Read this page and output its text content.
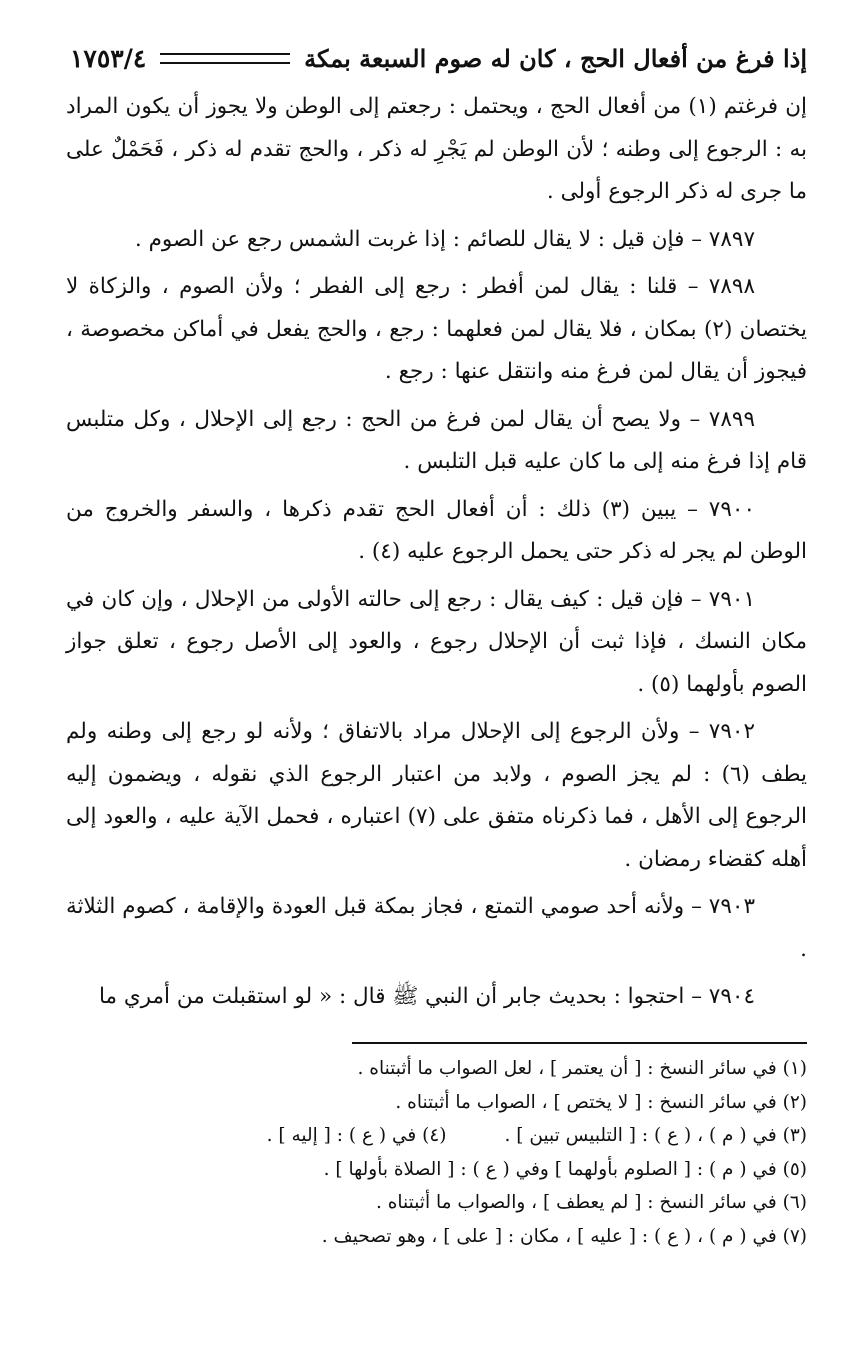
إذا فرغ من أفعال الحج ، كان له صوم السبعة بمكة
١٧٥٣/٤

إن فرغتم (١) من أفعال الحج ، ويحتمل : رجعتم إلى الوطن ولا يجوز أن يكون المراد به : الرجوع إلى وطنه ؛ لأن الوطن لم يَجْرِ له ذكر ، والحج تقدم له ذكر ، فَحَمْلٌ على ما جرى له ذكر الرجوع أولى .

٧٨٩٧ – فإن قيل : لا يقال للصائم : إذا غربت الشمس رجع عن الصوم .

٧٨٩٨ – قلنا : يقال لمن أفطر : رجع إلى الفطر ؛ ولأن الصوم ، والزكاة لا يختصان (٢) بمكان ، فلا يقال لمن فعلهما : رجع ، والحج يفعل في أماكن مخصوصة ، فيجوز أن يقال لمن فرغ منه وانتقل عنها : رجع .

٧٨٩٩ – ولا يصح أن يقال لمن فرغ من الحج : رجع إلى الإحلال ، وكل متلبس قام إذا فرغ منه إلى ما كان عليه قبل التلبس .

٧٩٠٠ – يبين (٣) ذلك : أن أفعال الحج تقدم ذكرها ، والسفر والخروج من الوطن لم يجر له ذكر حتى يحمل الرجوع عليه (٤) .

٧٩٠١ – فإن قيل : كيف يقال : رجع إلى حالته الأولى من الإحلال ، وإن كان في مكان النسك ، فإذا ثبت أن الإحلال رجوع ، والعود إلى الأصل رجوع ، تعلق جواز الصوم بأولهما (٥) .

٧٩٠٢ – ولأن الرجوع إلى الإحلال مراد بالاتفاق ؛ ولأنه لو رجع إلى وطنه ولم يطف (٦) : لم يجز الصوم ، ولابد من اعتبار الرجوع الذي نقوله ، ويضمون إليه الرجوع إلى الأهل ، فما ذكرناه متفق على (٧) اعتباره ، فحمل الآية عليه ، والعود إلى أهله كقضاء رمضان .

٧٩٠٣ – ولأنه أحد صومي التمتع ، فجاز بمكة قبل العودة والإقامة ، كصوم الثلاثة .

٧٩٠٤ – احتجوا : بحديث جابر أن النبي ﷺ قال : « لو استقبلت من أمري ما

(١) في سائر النسخ : [ أن يعتمر ] ، لعل الصواب ما أثبتناه .

(٢) في سائر النسخ : [ لا يختص ] ، الصواب ما أثبتناه .

(٣) في ( م ) ، ( ع ) : [ التلبيس تبين ] .(٤) في ( ع ) : [ إليه ] .

(٥) في ( م ) : [ الصلوم بأولهما ] وفي ( ع ) : [ الصلاة بأولها ] .

(٦) في سائر النسخ : [ لم يعطف ] ، والصواب ما أثبتناه .

(٧) في ( م ) ، ( ع ) : [ عليه ] ، مكان : [ على ] ، وهو تصحيف .
